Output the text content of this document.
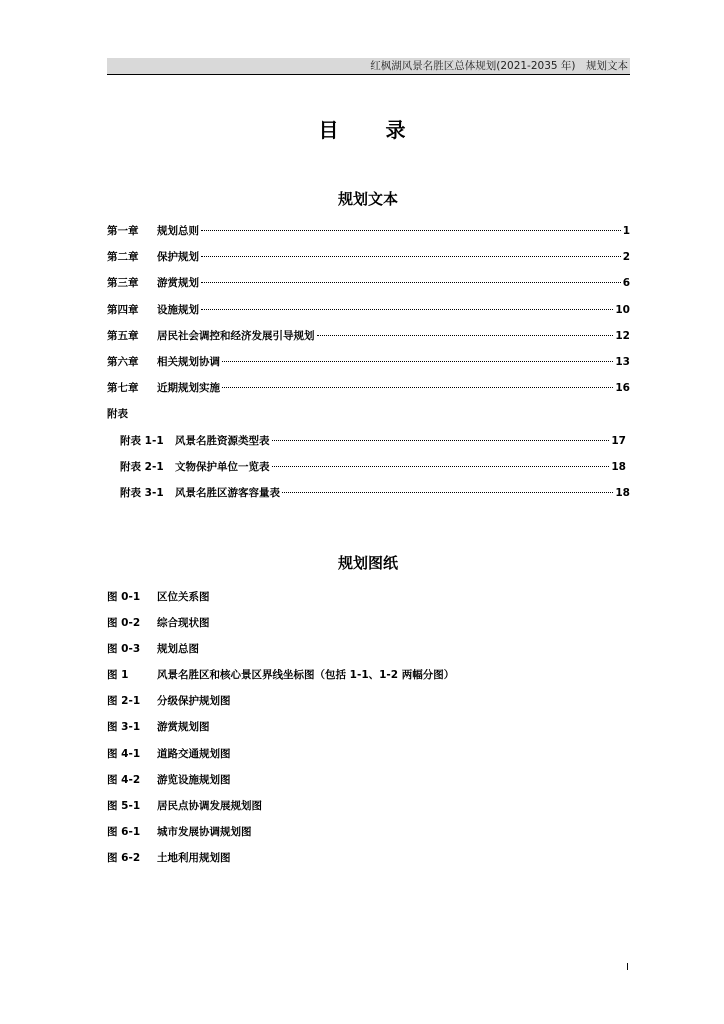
红枫湖风景名胜区总体规划(2021-2035 年)　规划文本
目 录
规划文本
第一章	规划总则	1
第二章	保护规划	2
第三章	游赏规划	6
第四章	设施规划	10
第五章	居民社会调控和经济发展引导规划	12
第六章	相关规划协调	13
第七章	近期规划实施	16
附表
附表 1-1	风景名胜资源类型表	17
附表 2-1	文物保护单位一览表	18
附表 3-1	风景名胜区游客容量表	18
规划图纸
图 0-1 区位关系图
图 0-2 综合现状图
图 0-3 规划总图
图 1	风景名胜区和核心景区界线坐标图（包括 1-1、1-2 两幅分图）
图 2-1 分级保护规划图
图 3-1 游赏规划图
图 4-1 道路交通规划图
图 4-2 游览设施规划图
图 5-1 居民点协调发展规划图
图 6-1 城市发展协调规划图
图 6-2 土地利用规划图
I
